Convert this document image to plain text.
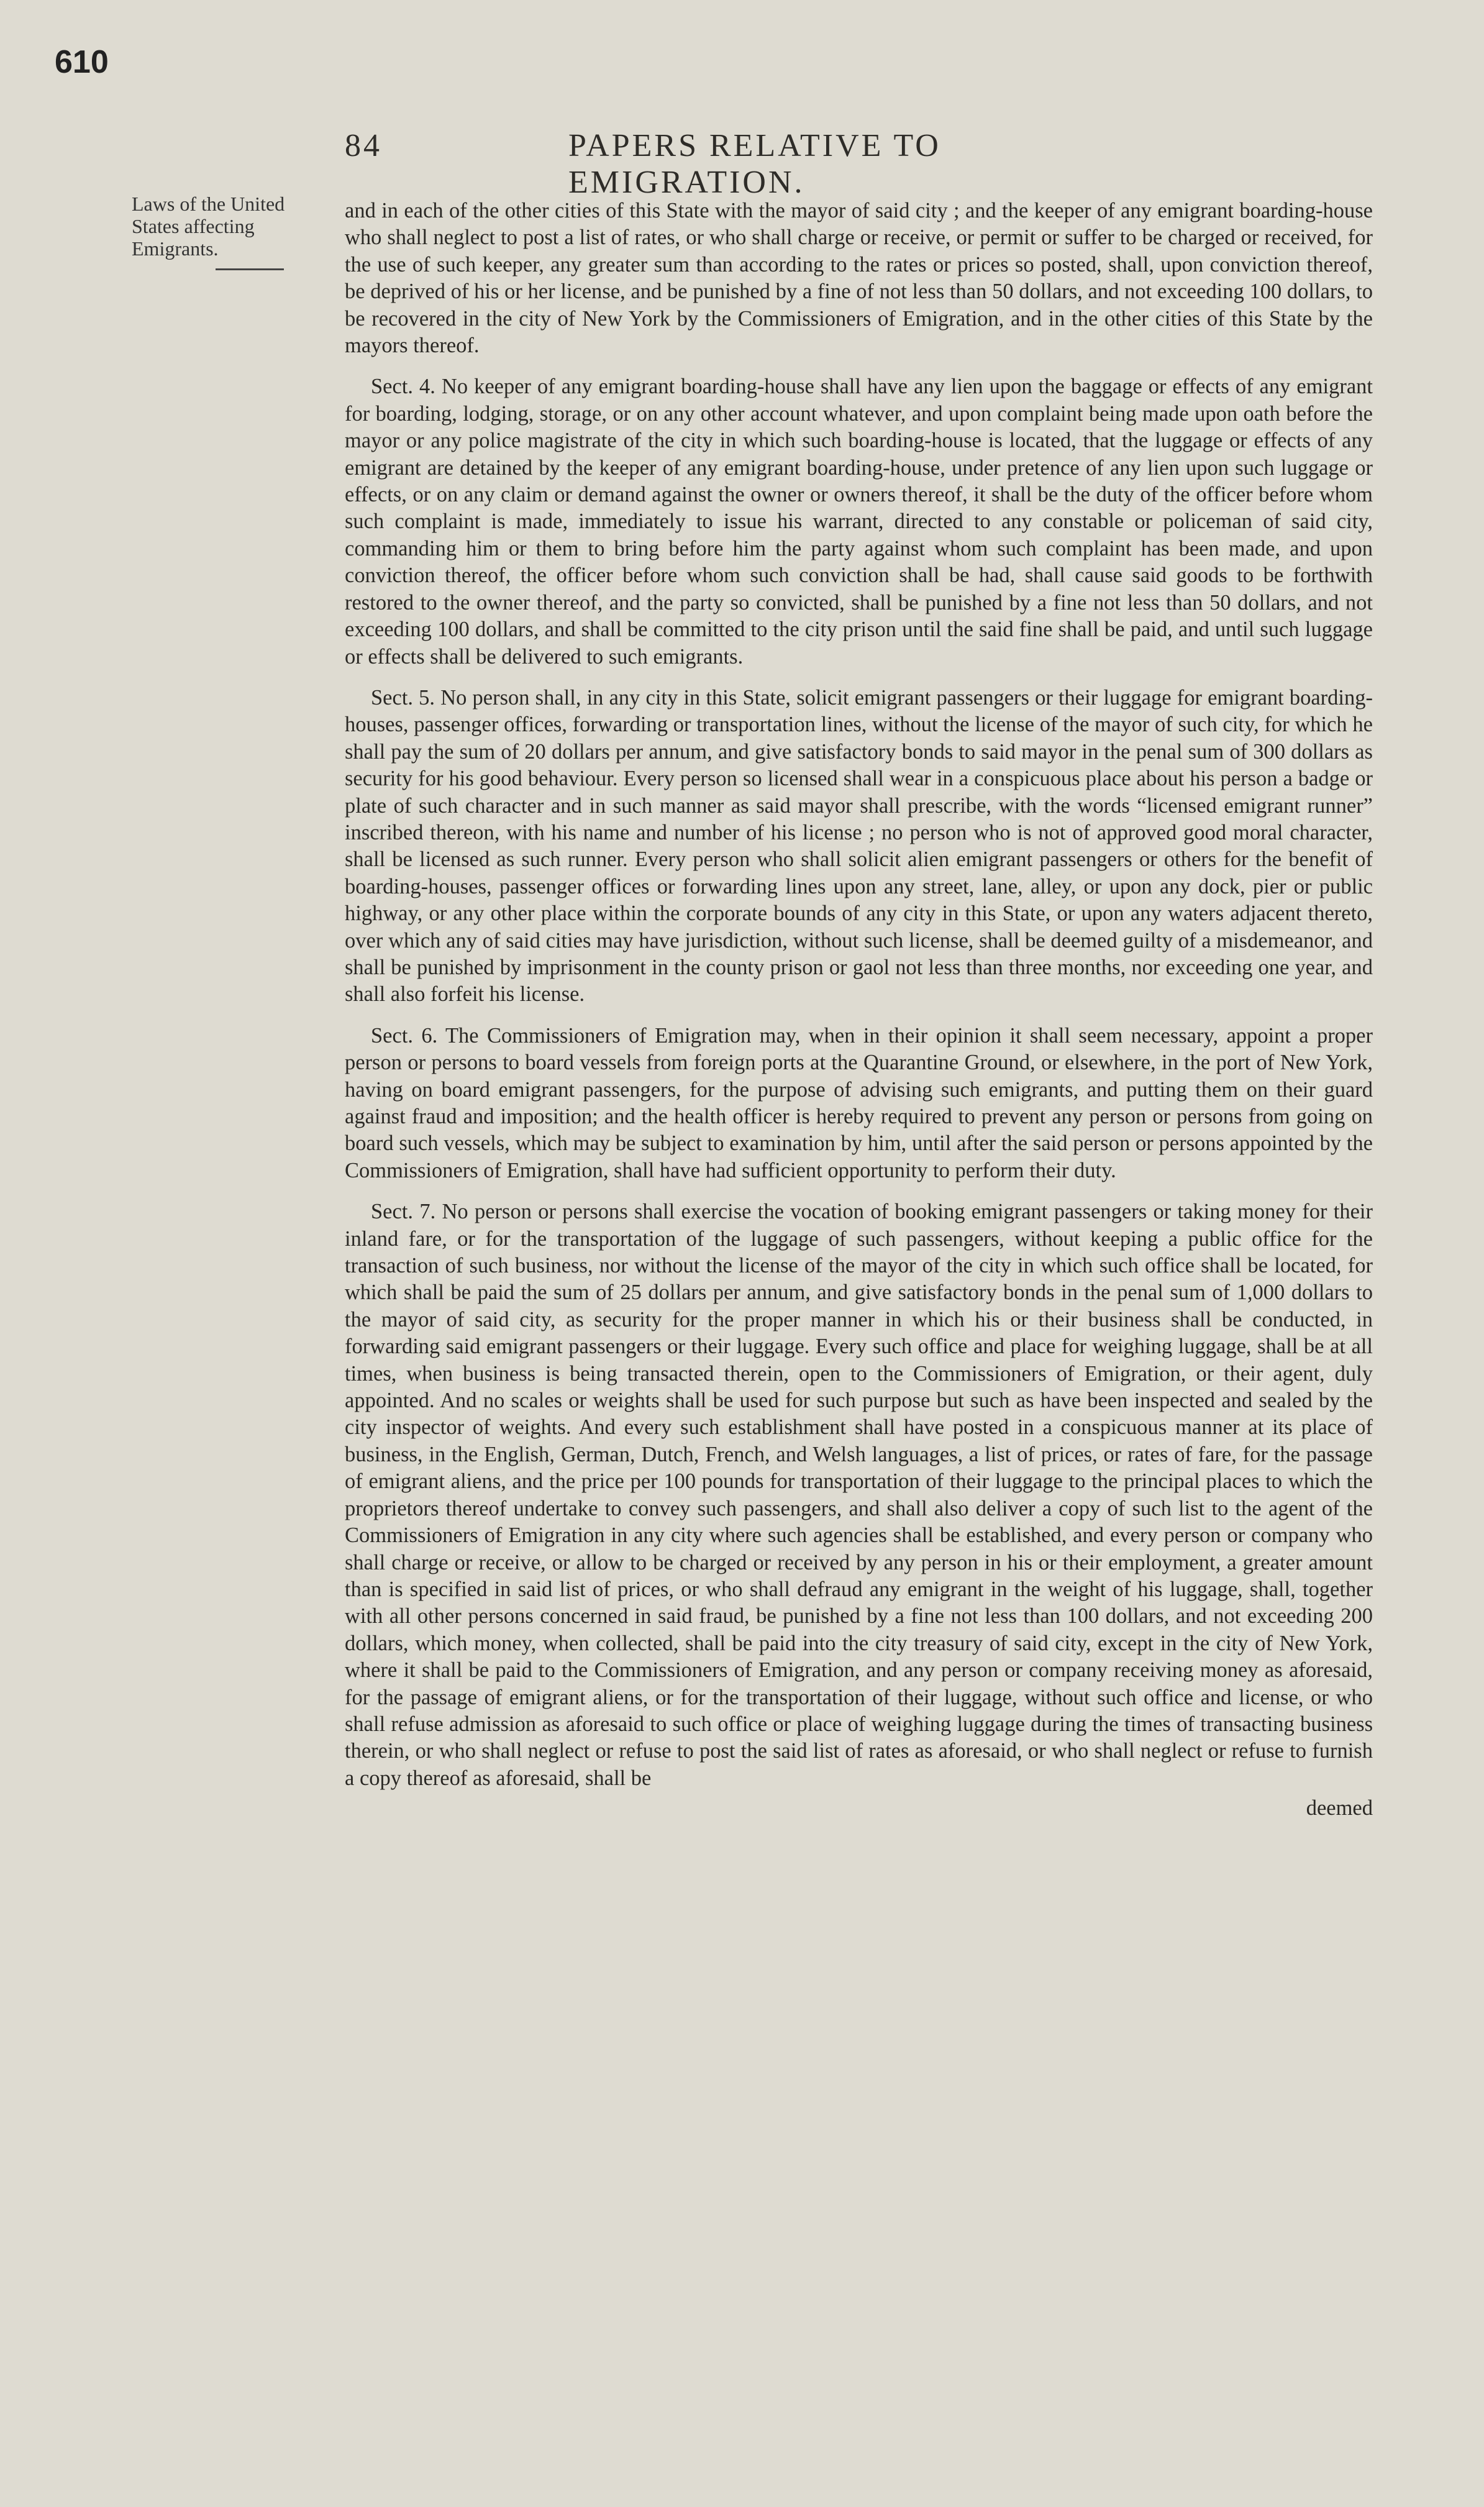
610
84	PAPERS RELATIVE TO EMIGRATION.
Laws of the United States affecting Emigrants.

and in each of the other cities of this State with the mayor of said city ; and the keeper of any emigrant boarding-house who shall neglect to post a list of rates, or who shall charge or receive, or permit or suffer to be charged or received, for the use of such keeper, any greater sum than according to the rates or prices so posted, shall, upon conviction thereof, be deprived of his or her license, and be punished by a fine of not less than 50 dollars, and not exceeding 100 dollars, to be recovered in the city of New York by the Commissioners of Emigration, and in the other cities of this State by the mayors thereof.

Sect. 4. No keeper of any emigrant boarding-house shall have any lien upon the baggage or effects of any emigrant for boarding, lodging, storage, or on any other account whatever, and upon complaint being made upon oath before the mayor or any police magistrate of the city in which such boarding-house is located, that the luggage or effects of any emigrant are detained by the keeper of any emigrant boarding-house, under pretence of any lien upon such luggage or effects, or on any claim or demand against the owner or owners thereof, it shall be the duty of the officer before whom such complaint is made, immediately to issue his warrant, directed to any constable or policeman of said city, commanding him or them to bring before him the party against whom such complaint has been made, and upon conviction thereof, the officer before whom such conviction shall be had, shall cause said goods to be forthwith restored to the owner thereof, and the party so convicted, shall be punished by a fine not less than 50 dollars, and not exceeding 100 dollars, and shall be committed to the city prison until the said fine shall be paid, and until such luggage or effects shall be delivered to such emigrants.

Sect. 5. No person shall, in any city in this State, solicit emigrant passengers or their luggage for emigrant boarding-houses, passenger offices, forwarding or transportation lines, without the license of the mayor of such city, for which he shall pay the sum of 20 dollars per annum, and give satisfactory bonds to said mayor in the penal sum of 300 dollars as security for his good behaviour. Every person so licensed shall wear in a conspicuous place about his person a badge or plate of such character and in such manner as said mayor shall prescribe, with the words “licensed emigrant runner” inscribed thereon, with his name and number of his license ; no person who is not of approved good moral character, shall be licensed as such runner. Every person who shall solicit alien emigrant passengers or others for the benefit of boarding-houses, passenger offices or forwarding lines upon any street, lane, alley, or upon any dock, pier or public highway, or any other place within the corporate bounds of any city in this State, or upon any waters adjacent thereto, over which any of said cities may have jurisdiction, without such license, shall be deemed guilty of a misdemeanor, and shall be punished by imprisonment in the county prison or gaol not less than three months, nor exceeding one year, and shall also forfeit his license.

Sect. 6. The Commissioners of Emigration may, when in their opinion it shall seem necessary, appoint a proper person or persons to board vessels from foreign ports at the Quarantine Ground, or elsewhere, in the port of New York, having on board emigrant passengers, for the purpose of advising such emigrants, and putting them on their guard against fraud and imposition; and the health officer is hereby required to prevent any person or persons from going on board such vessels, which may be subject to examination by him, until after the said person or persons appointed by the Commissioners of Emigration, shall have had sufficient opportunity to perform their duty.

Sect. 7. No person or persons shall exercise the vocation of booking emigrant passengers or taking money for their inland fare, or for the transportation of the luggage of such passengers, without keeping a public office for the transaction of such business, nor without the license of the mayor of the city in which such office shall be located, for which shall be paid the sum of 25 dollars per annum, and give satisfactory bonds in the penal sum of 1,000 dollars to the mayor of said city, as security for the proper manner in which his or their business shall be conducted, in forwarding said emigrant passengers or their luggage. Every such office and place for weighing luggage, shall be at all times, when business is being transacted therein, open to the Commissioners of Emigration, or their agent, duly appointed. And no scales or weights shall be used for such purpose but such as have been inspected and sealed by the city inspector of weights. And every such establishment shall have posted in a conspicuous manner at its place of business, in the English, German, Dutch, French, and Welsh languages, a list of prices, or rates of fare, for the passage of emigrant aliens, and the price per 100 pounds for transportation of their luggage to the principal places to which the proprietors thereof undertake to convey such passengers, and shall also deliver a copy of such list to the agent of the Commissioners of Emigration in any city where such agencies shall be established, and every person or company who shall charge or receive, or allow to be charged or received by any person in his or their employment, a greater amount than is specified in said list of prices, or who shall defraud any emigrant in the weight of his luggage, shall, together with all other persons concerned in said fraud, be punished by a fine not less than 100 dollars, and not exceeding 200 dollars, which money, when collected, shall be paid into the city treasury of said city, except in the city of New York, where it shall be paid to the Commissioners of Emigration, and any person or company receiving money as aforesaid, for the passage of emigrant aliens, or for the transportation of their luggage, without such office and license, or who shall refuse admission as aforesaid to such office or place of weighing luggage during the times of transacting business therein, or who shall neglect or refuse to post the said list of rates as aforesaid, or who shall neglect or refuse to furnish a copy thereof as aforesaid, shall be

deemed
